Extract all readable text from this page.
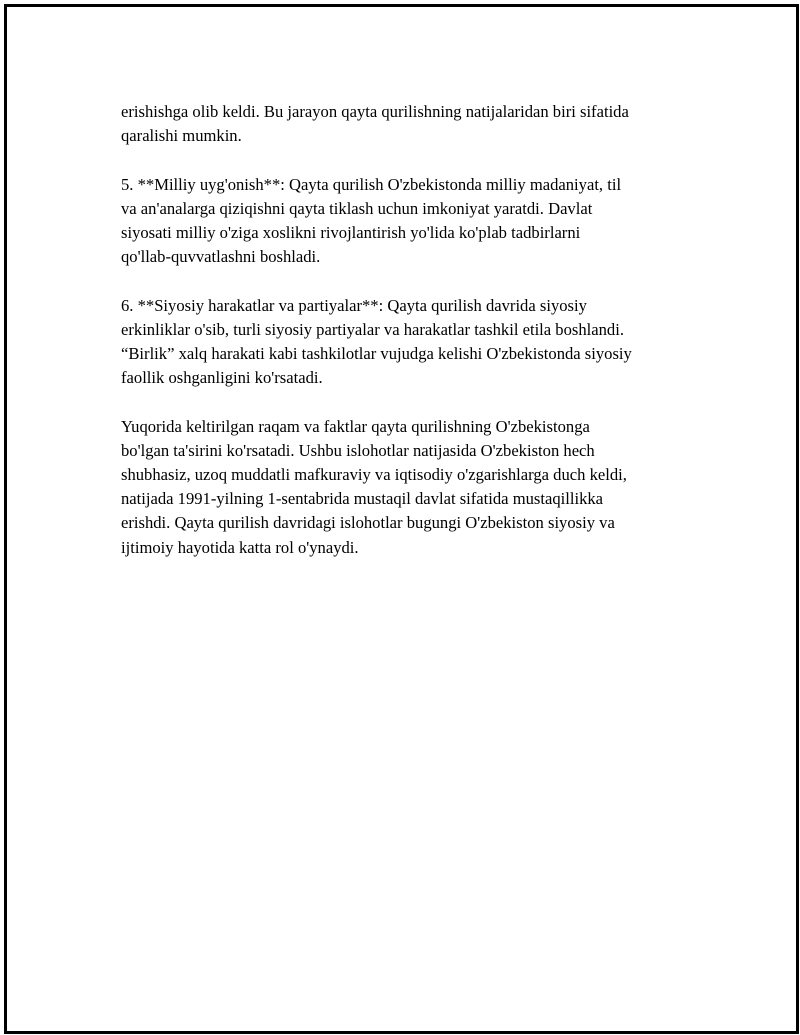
erishishga olib keldi. Bu jarayon qayta qurilishning natijalaridan biri sifatida
qaralishi mumkin.

5. **Milliy uyg'onish**: Qayta qurilish O'zbekistonda milliy madaniyat, til
va an'analarga qiziqishni qayta tiklash uchun imkoniyat yaratdi. Davlat
siyosati milliy o'ziga xoslikni rivojlantirish yo'lida ko'plab tadbirlarni
qo'llab-quvvatlashni boshladi.

6. **Siyosiy harakatlar va partiyalar**: Qayta qurilish davrida siyosiy
erkinliklar o'sib, turli siyosiy partiyalar va harakatlar tashkil etila boshlandi.
“Birlik” xalq harakati kabi tashkilotlar vujudga kelishi O'zbekistonda siyosiy
faollik oshganligini ko'rsatadi.

Yuqorida keltirilgan raqam va faktlar qayta qurilishning O'zbekistonga
bo'lgan ta'sirini ko'rsatadi. Ushbu islohotlar natijasida O'zbekiston hech
shubhasiz, uzoq muddatli mafkuraviy va iqtisodiy o'zgarishlarga duch keldi,
natijada 1991-yilning 1-sentabrida mustaqil davlat sifatida mustaqillikka
erishdi. Qayta qurilish davridagi islohotlar bugungi O'zbekiston siyosiy va
ijtimoiy hayotida katta rol o'ynaydi.
